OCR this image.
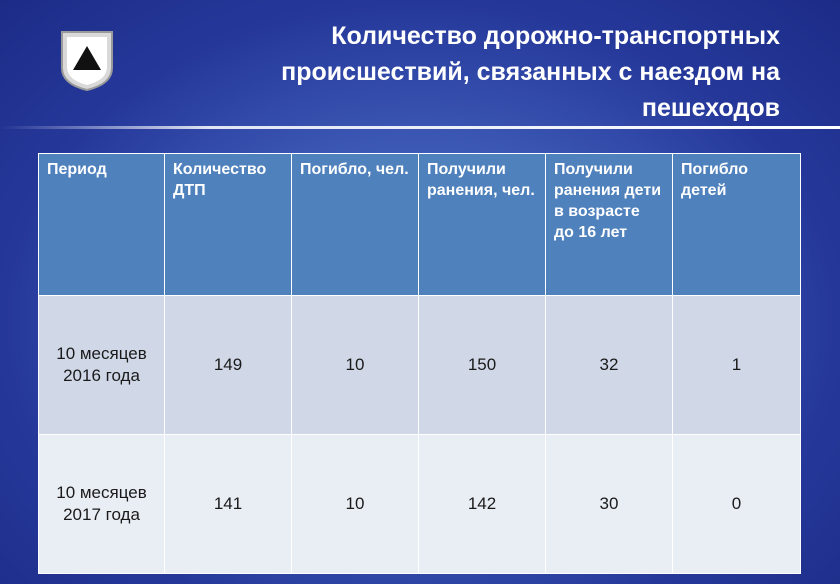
Количество дорожно-транспортных
происшествий, связанных с наездом на
пешеходов
Период	Количество ДТП	Погибло, чел.	Получили ранения, чел.	Получили ранения дети в возрасте до 16 лет	Погибло детей

10 месяцев
2016 года	149	10	150	32	1

10 месяцев
2017 года	141	10	142	30	0
